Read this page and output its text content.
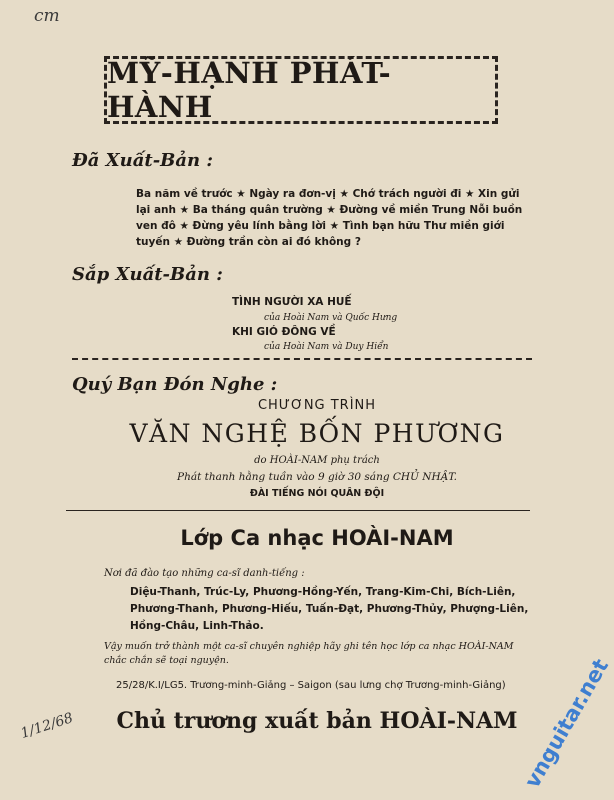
cm
MỸ-HẠNH PHÁT-HÀNH
Đã Xuất-Bản :
Ba năm về trước ★ Ngày ra đơn-vị ★ Chớ trách người đi ★ Xin gửi lại anh ★ Ba tháng quân trường ★ Đường về miền Trung Nỗi buồn ven đô ★ Đừng yêu lính bằng lời ★ Tình bạn hữu Thư miền giới tuyến ★ Đường trần còn ai đó không ?
Sắp Xuất-Bản :
TÌNH NGƯỜI XA HUẾ
của Hoài Nam và Quốc Hưng
KHI GIÓ ĐÔNG VỀ
của Hoài Nam và Duy Hiển
Quý Bạn Đón Nghe :
CHƯƠNG TRÌNH
VĂN NGHỆ BỐN PHƯƠNG
do HOÀI-NAM phụ trách
Phát thanh hằng tuần vào 9 giờ 30 sáng CHỦ NHẬT.
ĐÀI TIẾNG NÓI QUÂN ĐỘI
Lớp Ca nhạc HOÀI-NAM
Nơi đã đào tạo những ca-sĩ danh-tiếng :
Diệu-Thanh, Trúc-Ly, Phương-Hồng-Yến, Trang-Kim-Chi, Bích-Liên, Phương-Thanh, Phương-Hiếu, Tuấn-Đạt, Phương-Thủy, Phượng-Liên, Hồng-Châu, Linh-Thảo.
Vậy muốn trở thành một ca-sĩ chuyên nghiệp hãy ghi tên học lớp ca nhạc HOÀI-NAM chắc chắn sẽ toại nguyện.
25/28/K.I/LG5. Trương-minh-Giảng – Saigon (sau lưng chợ Trương-minh-Giảng)
1/12/68	Chủ trương xuất bản HOÀI-NAM vnguitar.net
